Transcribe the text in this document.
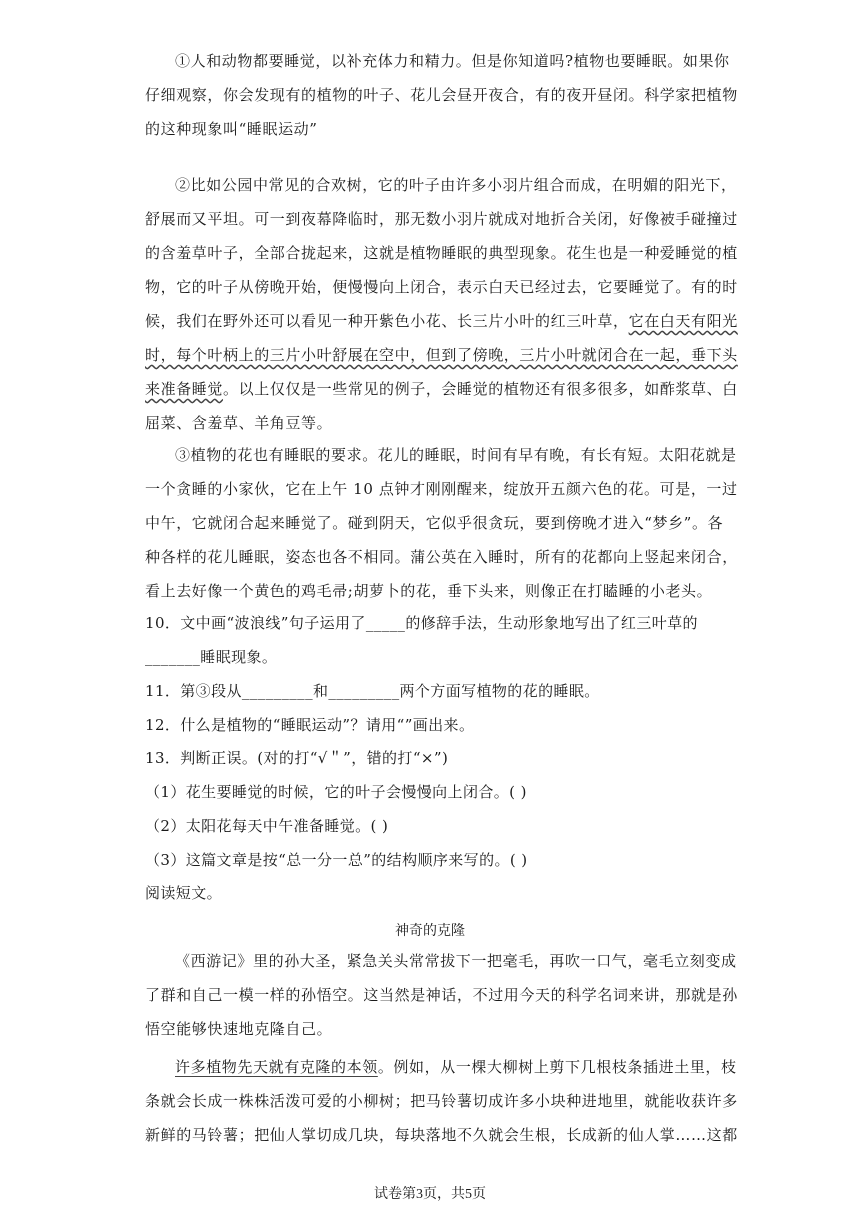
①人和动物都要睡觉，以补充体力和精力。但是你知道吗?植物也要睡眠。如果你
仔细观察，你会发现有的植物的叶子、花儿会昼开夜合，有的夜开昼闭。科学家把植物
的这种现象叫“睡眠运动”
②比如公园中常见的合欢树，它的叶子由许多小羽片组合而成，在明媚的阳光下，
舒展而又平坦。可一到夜幕降临时，那无数小羽片就成对地折合关闭，好像被手碰撞过
的含羞草叶子，全部合拢起来，这就是植物睡眠的典型现象。花生也是一种爱睡觉的植
物，它的叶子从傍晚开始，便慢慢向上闭合，表示白天已经过去，它要睡觉了。有的时
候，我们在野外还可以看见一种开紫色小花、长三片小叶的红三叶草，它在白天有阳光
时，每个叶柄上的三片小叶舒展在空中，但到了傍晚，三片小叶就闭合在一起，垂下头
来准备睡觉。以上仅仅是一些常见的例子，会睡觉的植物还有很多很多，如酢浆草、白
屈菜、含羞草、羊角豆等。
③植物的花也有睡眠的要求。花儿的睡眠，时间有早有晚，有长有短。太阳花就是
一个贪睡的小家伙，它在上午 10 点钟才刚刚醒来，绽放开五颜六色的花。可是，一过
中午，它就闭合起来睡觉了。碰到阴天，它似乎很贪玩，要到傍晚才进入“梦乡”。各
种各样的花儿睡眠，姿态也各不相同。蒲公英在入睡时，所有的花都向上竖起来闭合，
看上去好像一个黄色的鸡毛帚;胡萝卜的花，垂下头来，则像正在打瞌睡的小老头。
10．文中画“波浪线”句子运用了_____的修辞手法，生动形象地写出了红三叶草的
_______睡眠现象。
11．第③段从_________和_________两个方面写植物的花的睡眠。
12．什么是植物的“睡眠运动”？请用“”画出来。
13．判断正误。(对的打“√＂”，错的打“×”)
（1）花生要睡觉的时候，它的叶子会慢慢向上闭合。( )
（2）太阳花每天中午准备睡觉。( )
（3）这篇文章是按“总一分一总”的结构顺序来写的。( )
阅读短文。
神奇的克隆
《西游记》里的孙大圣，紧急关头常常拔下一把毫毛，再吹一口气，毫毛立刻变成
了群和自己一模一样的孙悟空。这当然是神话，不过用今天的科学名词来讲，那就是孙
悟空能够快速地克隆自己。
许多植物先天就有克隆的本领。例如，从一棵大柳树上剪下几根枝条插进土里，枝
条就会长成一株株活泼可爱的小柳树；把马铃薯切成许多小块种进地里，就能收获许多
新鲜的马铃薯；把仙人掌切成几块，每块落地不久就会生根，长成新的仙人掌……这都
试卷第3页，共5页
